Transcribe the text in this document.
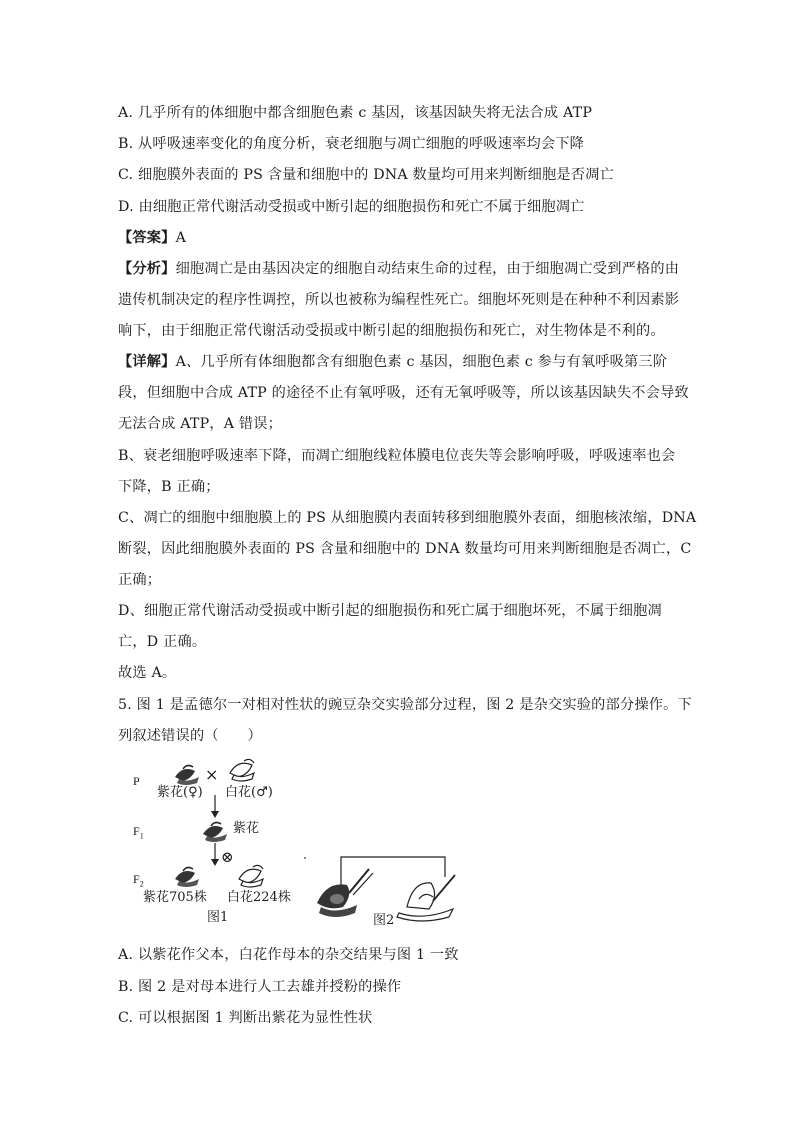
A. 几乎所有的体细胞中都含细胞色素 c 基因，该基因缺失将无法合成 ATP
B. 从呼吸速率变化的角度分析，衰老细胞与凋亡细胞的呼吸速率均会下降
C. 细胞膜外表面的 PS 含量和细胞中的 DNA 数量均可用来判断细胞是否凋亡
D. 由细胞正常代谢活动受损或中断引起的细胞损伤和死亡不属于细胞凋亡
【答案】A
【分析】细胞凋亡是由基因决定的细胞自动结束生命的过程，由于细胞凋亡受到严格的由
遗传机制决定的程序性调控，所以也被称为编程性死亡。细胞坏死则是在种种不利因素影
响下，由于细胞正常代谢活动受损或中断引起的细胞损伤和死亡，对生物体是不利的。
【详解】A、几乎所有体细胞都含有细胞色素 c 基因，细胞色素 c 参与有氧呼吸第三阶
段，但细胞中合成 ATP 的途径不止有氧呼吸，还有无氧呼吸等，所以该基因缺失不会导致
无法合成 ATP，A 错误；
B、衰老细胞呼吸速率下降，而凋亡细胞线粒体膜电位丧失等会影响呼吸，呼吸速率也会
下降，B 正确；
C、凋亡的细胞中细胞膜上的 PS 从细胞膜内表面转移到细胞膜外表面，细胞核浓缩，DNA
断裂，因此细胞膜外表面的 PS 含量和细胞中的 DNA 数量均可用来判断细胞是否凋亡，C
正确；
D、细胞正常代谢活动受损或中断引起的细胞损伤和死亡属于细胞坏死，不属于细胞凋
亡，D 正确。
故选 A。
5. 图 1 是孟德尔一对相对性状的豌豆杂交实验部分过程，图 2 是杂交实验的部分操作。下
列叙述错误的（　　）
P
$F_1$
$F_2$
×
⊗
紫花(♀) 白花(♂)
紫花
紫花705株 白花224株
图1	图2
A. 以紫花作父本，白花作母本的杂交结果与图 1 一致
B. 图 2 是对母本进行人工去雄并授粉的操作
C. 可以根据图 1 判断出紫花为显性性状
